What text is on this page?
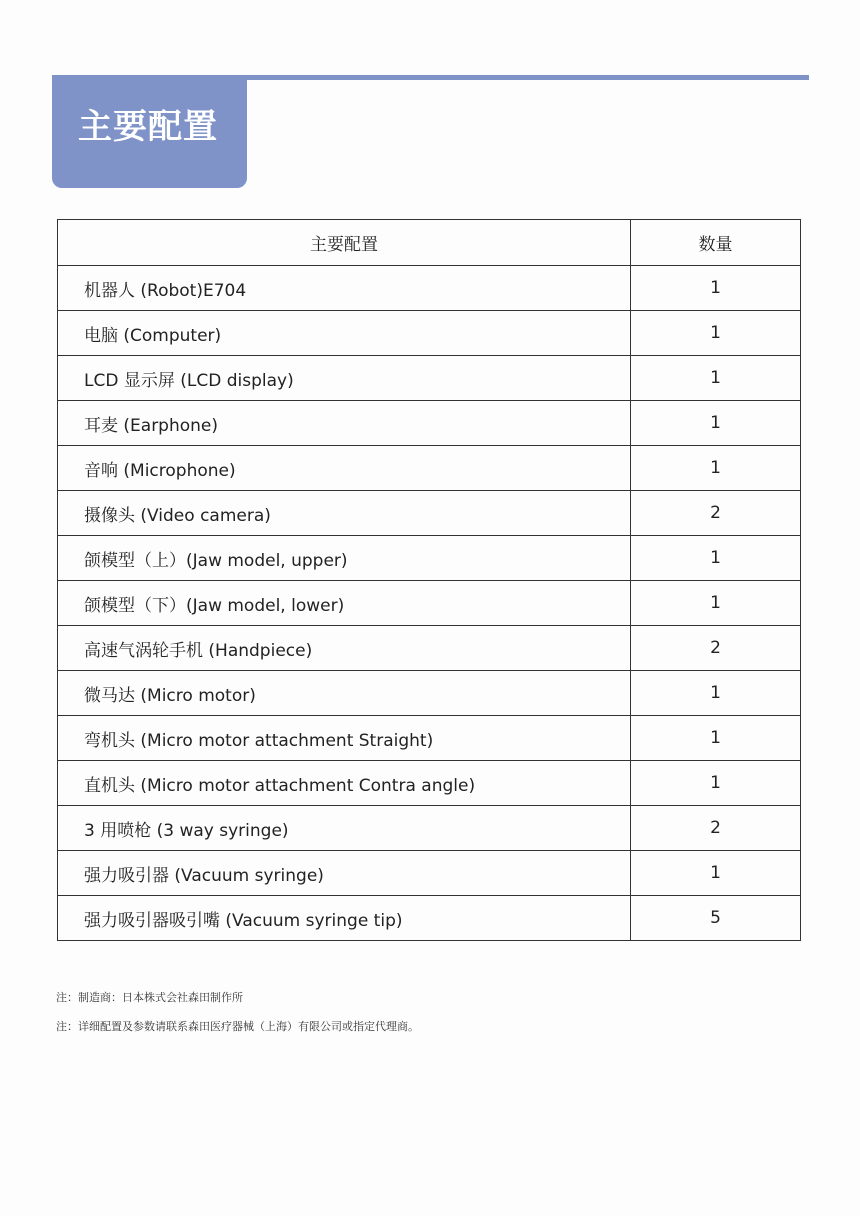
主要配置
主要配置	数量
机器人 (Robot)E704	1
电脑 (Computer)	1
LCD 显示屏 (LCD display)	1
耳麦 (Earphone)	1
音响 (Microphone)	1
摄像头 (Video camera)	2
颌模型（上）(Jaw model, upper)	1
颌模型（下）(Jaw model, lower)	1
高速气涡轮手机 (Handpiece)	2
微马达 (Micro motor)	1
弯机头 (Micro motor attachment Straight)	1
直机头 (Micro motor attachment Contra angle)	1
3 用喷枪 (3 way syringe)	2
强力吸引器 (Vacuum syringe)	1
强力吸引器吸引嘴 (Vacuum syringe tip)	5
注：制造商：日本株式会社森田制作所
注：详细配置及参数请联系森田医疗器械（上海）有限公司或指定代理商。
